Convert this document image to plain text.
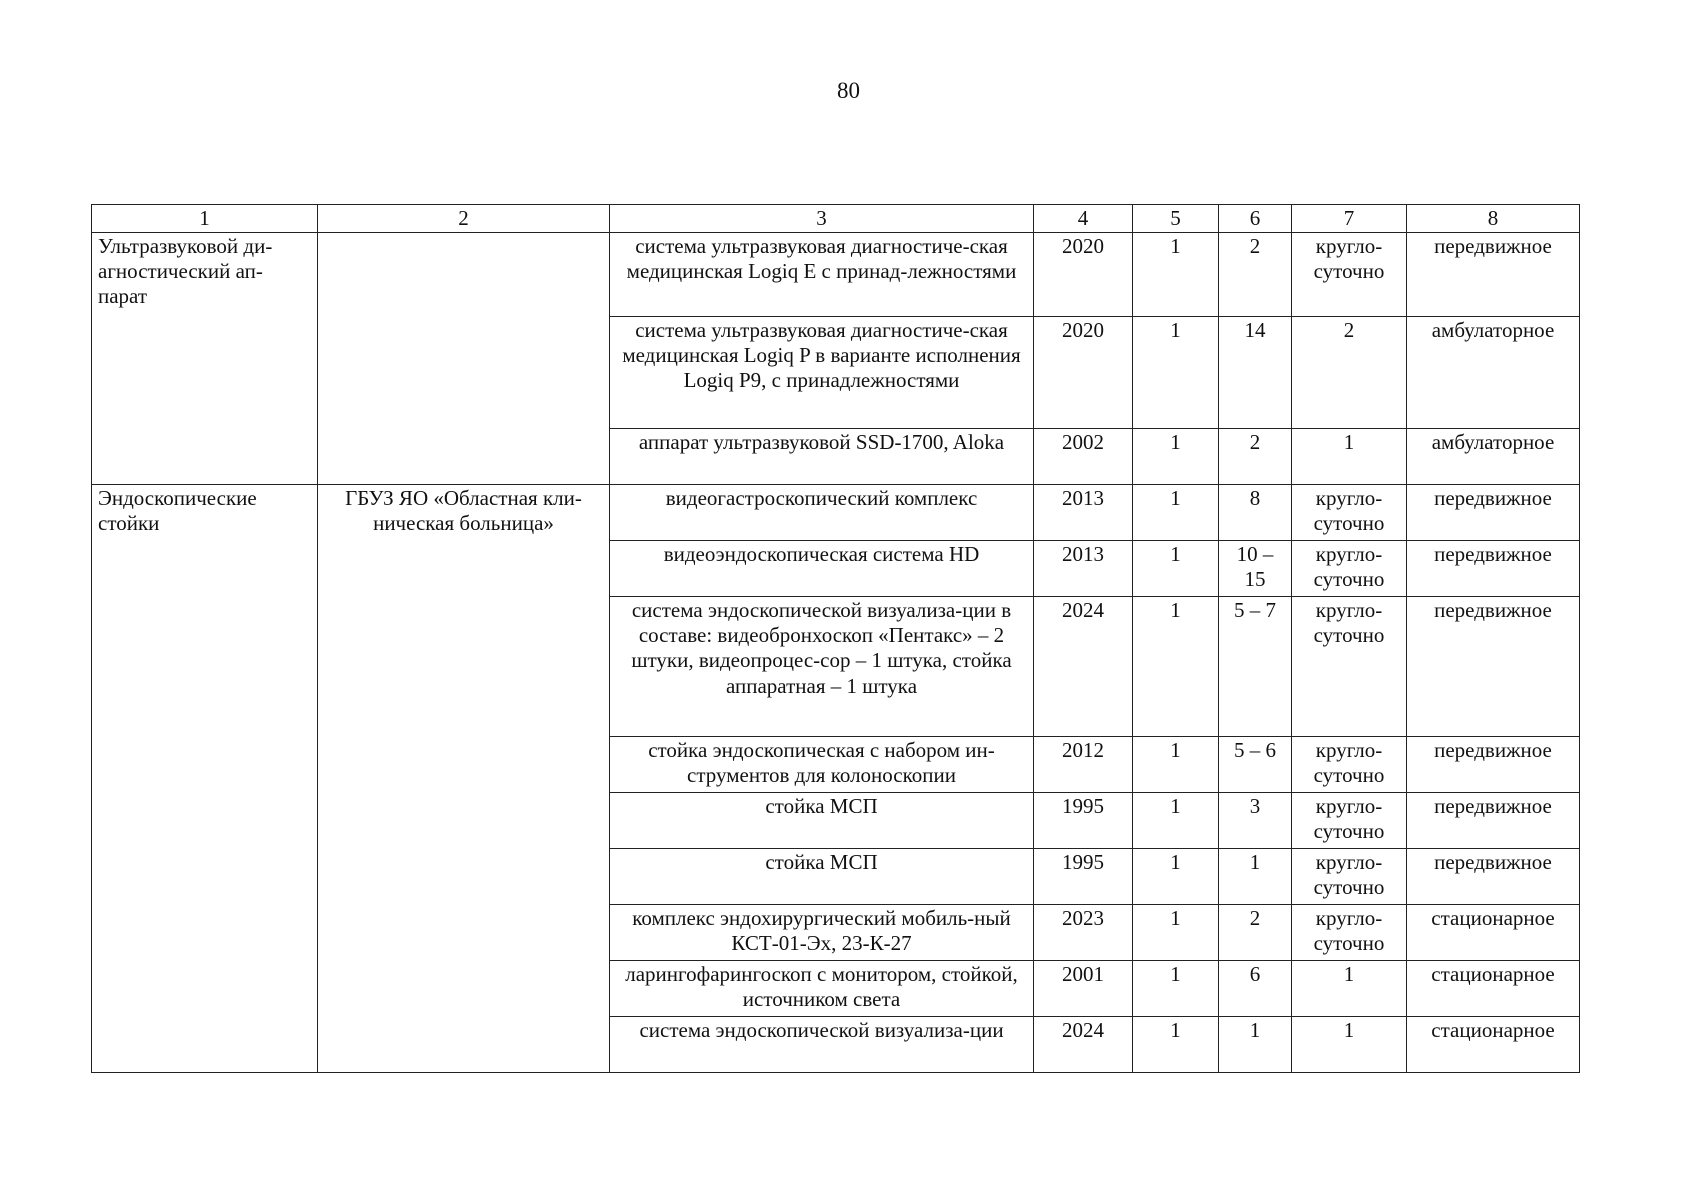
80
1	2	3	4	5	6	7	8
Ультразвуковой ди-агностический ап-парат		система ультразвуковая диагностиче-ская медицинская Logiq E с принад-лежностями	2020	1	2	кругло-суточно	передвижное
		система ультразвуковая диагностиче-ская медицинская Logiq P в варианте исполнения Logiq P9, с принадлежностями	2020	1	14	2	амбулаторное
		аппарат ультразвуковой SSD-1700, Aloka	2002	1	2	1	амбулаторное
Эндоскопические стойки	ГБУЗ ЯО «Областная кли-ническая больница»	видеогастроскопический комплекс	2013	1	8	кругло-суточно	передвижное
		видеоэндоскопическая система HD	2013	1	10 – 15	кругло-суточно	передвижное
		система эндоскопической визуализа-ции в составе: видеобронхоскоп «Пентакс» – 2 штуки, видеопроцес-сор – 1 штука, стойка аппаратная – 1 штука	2024	1	5 – 7	кругло-суточно	передвижное
		стойка эндоскопическая с набором ин-струментов для колоноскопии	2012	1	5 – 6	кругло-суточно	передвижное
		стойка МСП	1995	1	3	кругло-суточно	передвижное
		стойка МСП	1995	1	1	кругло-суточно	передвижное
		комплекс эндохирургический мобиль-ный КСТ-01-Эх, 23-К-27	2023	1	2	кругло-суточно	стационарное
		ларингофарингоскоп с монитором, стойкой, источником света	2001	1	6	1	стационарное
		система эндоскопической визуализа-ции	2024	1	1	1	стационарное
